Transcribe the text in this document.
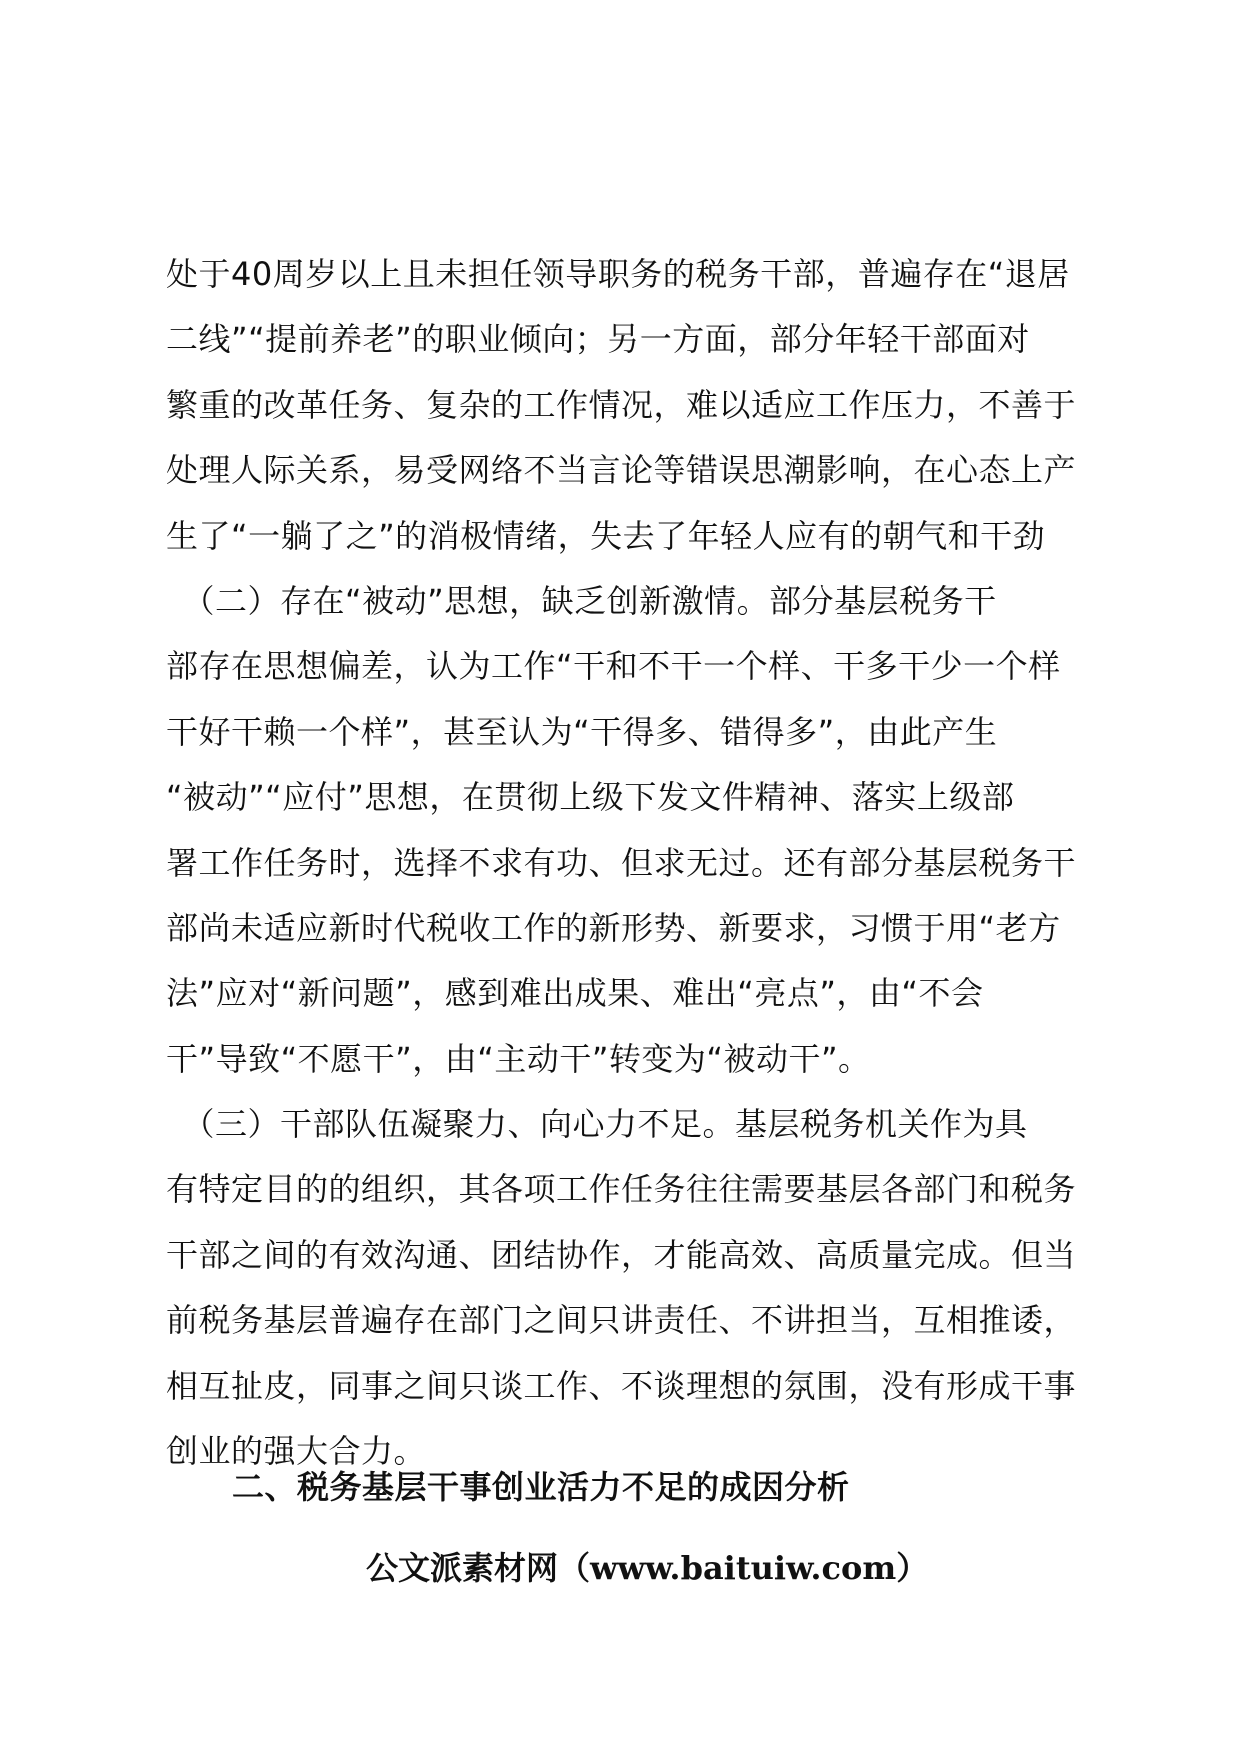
处于40周岁以上且未担任领导职务的税务干部，普遍存在“退居
二线”“提前养老”的职业倾向；另一方面，部分年轻干部面对
繁重的改革任务、复杂的工作情况，难以适应工作压力，不善于
处理人际关系，易受网络不当言论等错误思潮影响，在心态上产
生了“一躺了之”的消极情绪，失去了年轻人应有的朝气和干劲
　（二）存在“被动”思想，缺乏创新激情。部分基层税务干
部存在思想偏差，认为工作“干和不干一个样、干多干少一个样
干好干赖一个样”，甚至认为“干得多、错得多”，由此产生
“被动”“应付”思想，在贯彻上级下发文件精神、落实上级部
署工作任务时，选择不求有功、但求无过。还有部分基层税务干
部尚未适应新时代税收工作的新形势、新要求，习惯于用“老方
法”应对“新问题”，感到难出成果、难出“亮点”，由“不会
干”导致“不愿干”，由“主动干”转变为“被动干”。
　（三）干部队伍凝聚力、向心力不足。基层税务机关作为具
有特定目的的组织，其各项工作任务往往需要基层各部门和税务
干部之间的有效沟通、团结协作，才能高效、高质量完成。但当
前税务基层普遍存在部门之间只讲责任、不讲担当，互相推诿，
相互扯皮，同事之间只谈工作、不谈理想的氛围，没有形成干事
创业的强大合力。
二、税务基层干事创业活力不足的成因分析
公文派素材网（www.baituiw.com）
